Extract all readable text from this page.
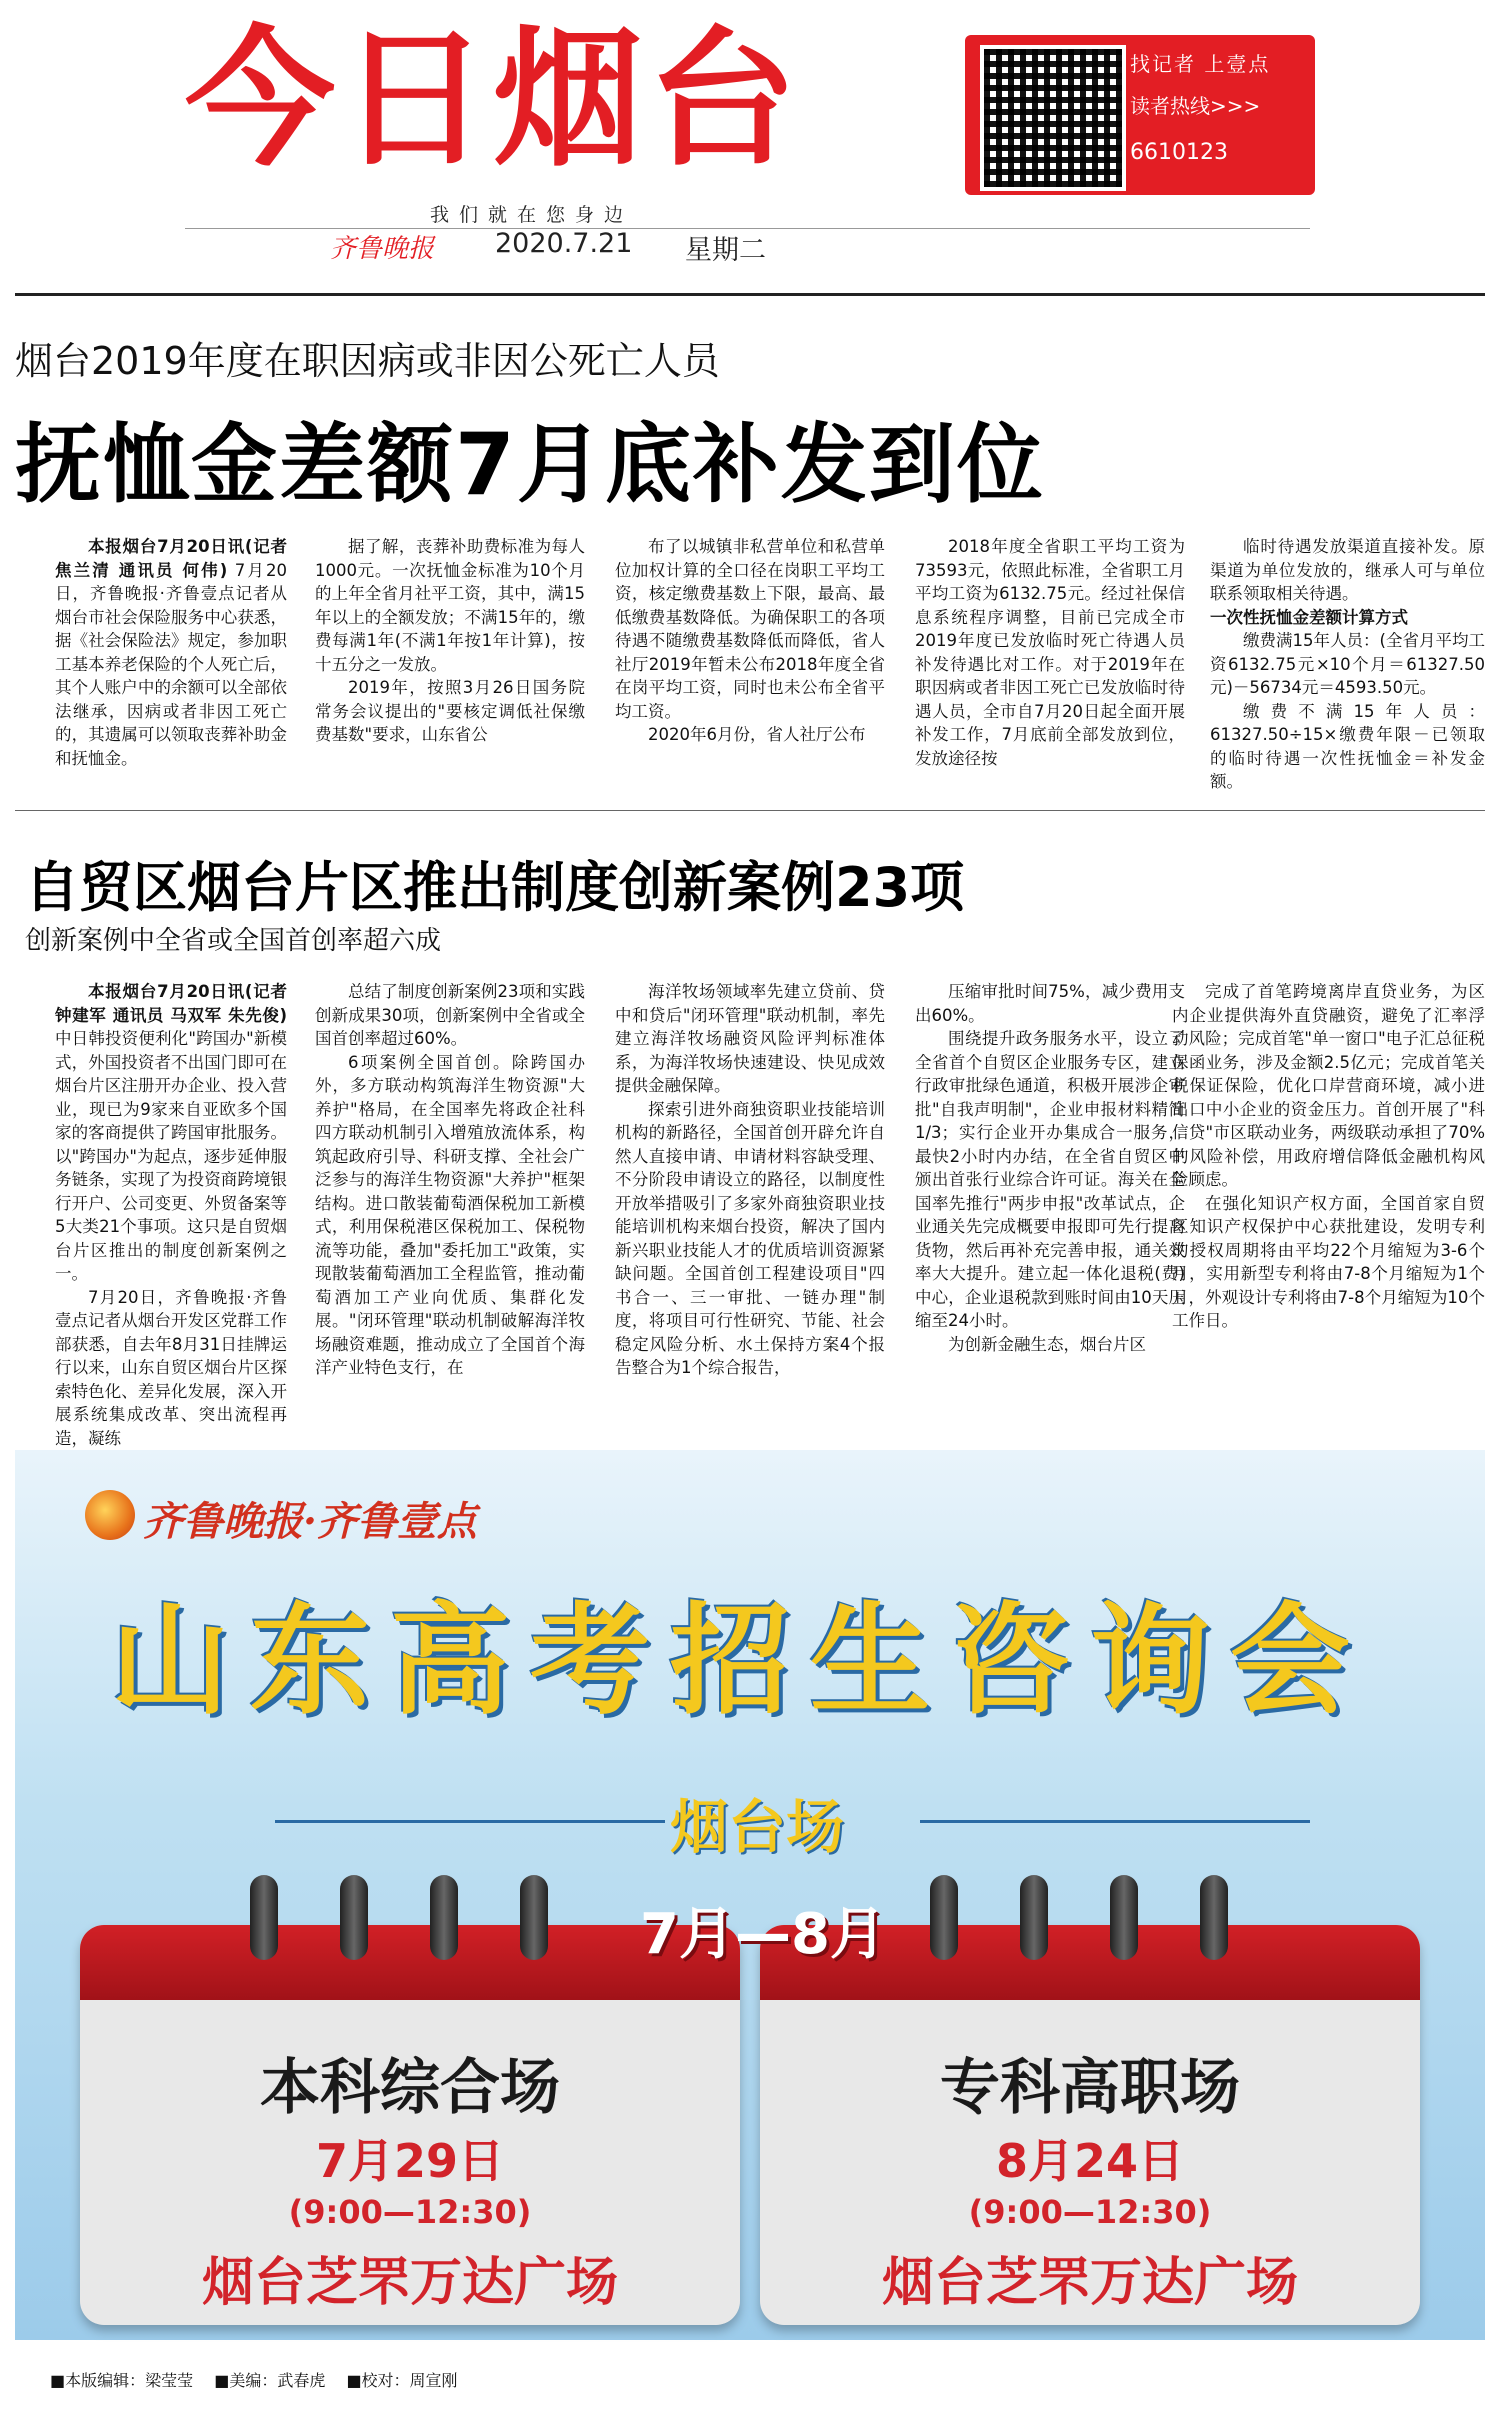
今日烟台	找记者 上壹点
读者热线>>>
6610123
我们就在您身边
齐鲁晚报 2020.7.21 星期二
烟台2019年度在职因病或非因公死亡人员
抚恤金差额7月底补发到位

本报烟台7月20日讯(记者 焦兰清 通讯员 何伟) 7月20日，齐鲁晚报·齐鲁壹点记者从烟台市社会保险服务中心获悉，据《社会保险法》规定，参加职工基本养老保险的个人死亡后，其个人账户中的余额可以全部依法继承，因病或者非因工死亡的，其遗属可以领取丧葬补助金和抚恤金。

据了解，丧葬补助费标准为每人1000元。一次抚恤金标准为10个月的上年全省月社平工资，其中，满15年以上的全额发放；不满15年的，缴费每满1年(不满1年按1年计算)，按十五分之一发放。

2019年，按照3月26日国务院常务会议提出的"要核定调低社保缴费基数"要求，山东省公

布了以城镇非私营单位和私营单位加权计算的全口径在岗职工平均工资，核定缴费基数上下限，最高、最低缴费基数降低。为确保职工的各项待遇不随缴费基数降低而降低，省人社厅2019年暂未公布2018年度全省在岗平均工资，同时也未公布全省平均工资。

2020年6月份，省人社厅公布

2018年度全省职工平均工资为73593元，依照此标准，全省职工月平均工资为6132.75元。经过社保信息系统程序调整，目前已完成全市2019年度已发放临时死亡待遇人员补发待遇比对工作。对于2019年在职因病或者非因工死亡已发放临时待遇人员，全市自7月20日起全面开展补发工作，7月底前全部发放到位，发放途径按

临时待遇发放渠道直接补发。原渠道为单位发放的，继承人可与单位联系领取相关待遇。

一次性抚恤金差额计算方式

缴费满15年人员：(全省月平均工资6132.75元×10个月＝61327.50元)－56734元＝4593.50元。

缴费不满15年人员：61327.50÷15×缴费年限－已领取的临时待遇一次性抚恤金＝补发金额。

自贸区烟台片区推出制度创新案例23项
创新案例中全省或全国首创率超六成

本报烟台7月20日讯(记者 钟建军 通讯员 马双军 朱先俊) 中日韩投资便利化"跨国办"新模式，外国投资者不出国门即可在烟台片区注册开办企业、投入营业，现已为9家来自亚欧多个国家的客商提供了跨国审批服务。以"跨国办"为起点，逐步延伸服务链条，实现了为投资商跨境银行开户、公司变更、外贸备案等5大类21个事项。这只是自贸烟台片区推出的制度创新案例之一。

7月20日，齐鲁晚报·齐鲁壹点记者从烟台开发区党群工作部获悉，自去年8月31日挂牌运行以来，山东自贸区烟台片区探索特色化、差异化发展，深入开展系统集成改革、突出流程再造，凝练

总结了制度创新案例23项和实践创新成果30项，创新案例中全省或全国首创率超过60%。

6项案例全国首创。除跨国办外，多方联动构筑海洋生物资源"大养护"格局，在全国率先将政企社科四方联动机制引入增殖放流体系，构筑起政府引导、科研支撑、全社会广泛参与的海洋生物资源"大养护"框架结构。进口散装葡萄酒保税加工新模式，利用保税港区保税加工、保税物流等功能，叠加"委托加工"政策，实现散装葡萄酒加工全程监管，推动葡萄酒加工产业向优质、集群化发展。"闭环管理"联动机制破解海洋牧场融资难题，推动成立了全国首个海洋产业特色支行，在

海洋牧场领域率先建立贷前、贷中和贷后"闭环管理"联动机制，率先建立海洋牧场融资风险评判标准体系，为海洋牧场快速建设、快见成效提供金融保障。

探索引进外商独资职业技能培训机构的新路径，全国首创开辟允许自然人直接申请、申请材料容缺受理、不分阶段申请设立的路径，以制度性开放举措吸引了多家外商独资职业技能培训机构来烟台投资，解决了国内新兴职业技能人才的优质培训资源紧缺问题。全国首创工程建设项目"四书合一、三一审批、一链办理"制度，将项目可行性研究、节能、社会稳定风险分析、水土保持方案4个报告整合为1个综合报告，

压缩审批时间75%，减少费用支出60%。

围绕提升政务服务水平，设立了全省首个自贸区企业服务专区，建立行政审批绿色通道，积极开展涉企审批"自我声明制"，企业申报材料精简1/3；实行企业开办集成合一服务，最快2小时内办结，在全省自贸区中颁出首张行业综合许可证。海关在全国率先推行"两步申报"改革试点，企业通关先完成概要申报即可先行提离货物，然后再补充完善申报，通关效率大大提升。建立起一体化退税(费)中心，企业退税款到账时间由10天压缩至24小时。

为创新金融生态，烟台片区

完成了首笔跨境离岸直贷业务，为区内企业提供海外直贷融资，避免了汇率浮动风险；完成首笔"单一窗口"电子汇总征税保函业务，涉及金额2.5亿元；完成首笔关税保证保险，优化口岸营商环境，减小进出口中小企业的资金压力。首创开展了"科信贷"市区联动业务，两级联动承担了70%的风险补偿，用政府增信降低金融机构风险顾虑。

在强化知识产权方面，全国首家自贸区知识产权保护中心获批建设，发明专利的授权周期将由平均22个月缩短为3-6个月，实用新型专利将由7-8个月缩短为1个月，外观设计专利将由7-8个月缩短为10个工作日。

齐鲁晚报·齐鲁壹点
山东高考招生咨询会
烟台场
本科综合场
7月29日
(9:00—12:30)
烟台芝罘万达广场
专科高职场
8月24日
(9:00—12:30)
烟台芝罘万达广场
7月—8月
■本版编辑：梁莹莹 ■美编：武春虎 ■校对：周宣刚
